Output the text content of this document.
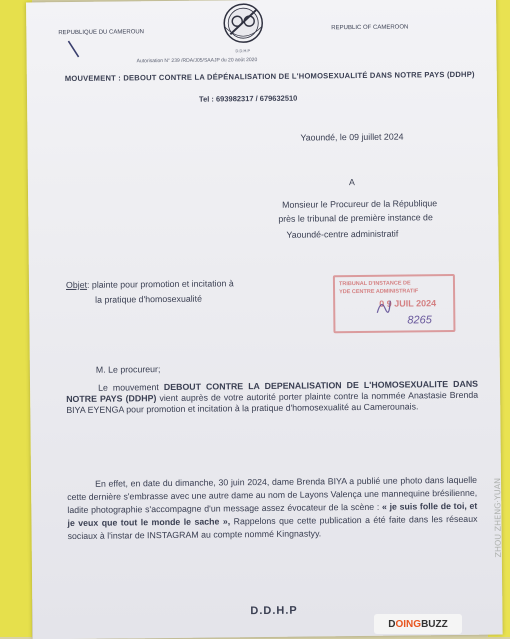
REPUBLIQUE DU CAMEROUN
REPUBLIC OF CAMEROON
D.D.H.P
Autorisation N° 239 /RDA/J05/SAAJP du 20 août 2020
MOUVEMENT : DEBOUT CONTRE LA DÉPÉNALISATION DE L'HOMOSEXUALITÉ DANS NOTRE PAYS (DDHP)
Tel : 693982317 / 679632510
Yaoundé, le 09 juillet 2024
A
Monsieur le Procureur de la République
près le tribunal de première instance de
Yaoundé-centre administratif
Objet: plainte pour promotion et incitation à
la pratique d'homosexualité
TRIBUNAL D'INSTANCE DE
YDE CENTRE ADMINISTRATIF
0 9 JUIL 2024
8265
M. Le procureur;
Le mouvement DEBOUT CONTRE LA DEPENALISATION DE L'HOMOSEXUALITE DANS NOTRE PAYS (DDHP) vient auprès de votre autorité porter plainte contre la nommée Anastasie Brenda BIYA EYENGA pour promotion et incitation à la pratique d'homosexualité au Camerounais.
En effet, en date du dimanche, 30 juin 2024, dame Brenda BIYA a publié une photo dans laquelle cette dernière s'embrasse avec une autre dame au nom de Layons Valença une mannequine brésilienne, ladite photographie s'accompagne d'un message assez évocateur de la scène : « je suis folle de toi, et je veux que tout le monde le sache », Rappelons que cette publication a été faite dans les réseaux sociaux à l'instar de INSTAGRAM au compte nommé Kingnastyy.
D.D.H.P
ZHOU ZHENG·YUAN
D OING BUZZ
